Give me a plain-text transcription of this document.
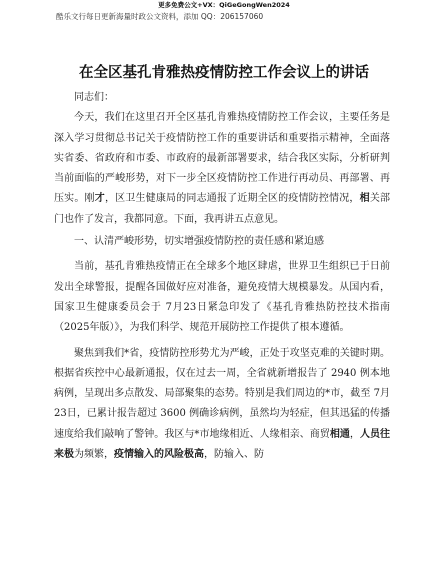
更多免费公文+VX：QiGeGongWen2024
酷乐文行每日更新海量时政公文资料，添加 QQ：206157060
在全区基孔肯雅热疫情防控工作会议上的讲话

同志们：

今天，我们在这里召开全区基孔肯雅热疫情防控工作会议，主要任务是深入学习贯彻总书记关于疫情防控工作的重要讲话和重要指示精神，全面落实省委、省政府和市委、市政府的最新部署要求，结合我区实际，分析研判当前面临的严峻形势，对下一步全区疫情防控工作进行再动员、再部署、再压实。刚才，区卫生健康局的同志通报了近期全区的疫情防控情况，相关部门也作了发言，我都同意。下面，我再讲五点意见。

一、认清严峻形势，切实增强疫情防控的责任感和紧迫感

当前，基孔肯雅热疫情正在全球多个地区肆虐，世界卫生组织已于日前发出全球警报，提醒各国做好应对准备，避免疫情大规模暴发。从国内看，国家卫生健康委员会于 7月23日紧急印发了《基孔肯雅热防控技术指南（2025年版）》，为我们科学、规范开展防控工作提供了根本遵循。

聚焦到我们*省，疫情防控形势尤为严峻，正处于攻坚克难的关键时期。根据省疾控中心最新通报，仅在过去一周，全省就新增报告了 2940 例本地病例，呈现出多点散发、局部聚集的态势。特别是我们周边的*市，截至 7月23日，已累计报告超过 3600 例确诊病例，虽然均为轻症，但其迅猛的传播速度给我们敲响了警钟。我区与*市地缘相近、人缘相亲、商贸相通，人员往来极为频繁，疫情输入的风险极高，防输入、防
